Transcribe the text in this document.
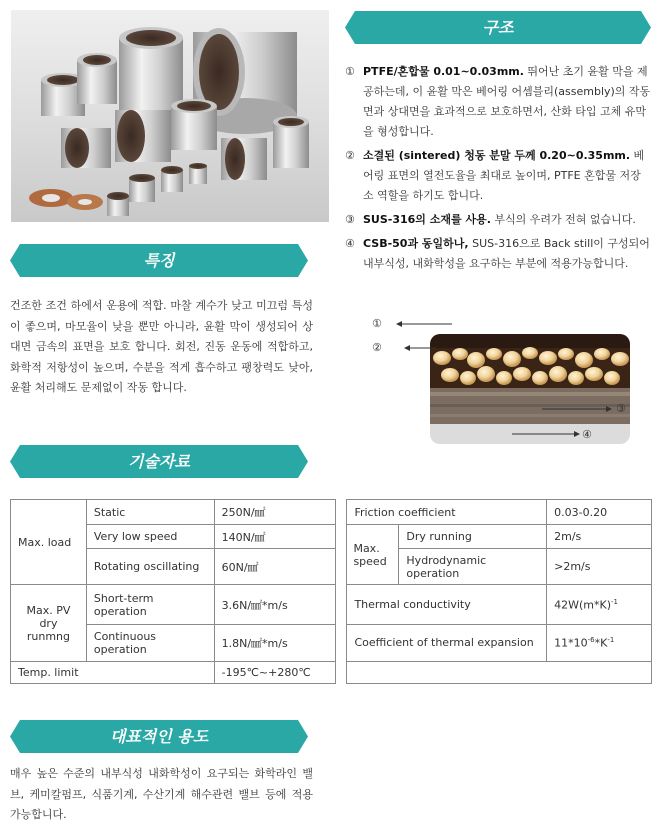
구조
① PTFE/혼합물 0.01~0.03mm. 뛰어난 초기 윤활 막을 제공하는데, 이 윤활 막은 베어링 어셈블리(assembly)의 작동면과 상대면을 효과적으로 보호하면서, 산화 타입 고체 유막을 형성합니다.
② 소결된 (sintered) 청동 분말 두께 0.20~0.35mm. 베어링 표면의 열전도율을 최대로 높이며, PTFE 혼합물 저장소 역할을 하기도 합니다.
③ SUS-316의 소재를 사용. 부식의 우려가 전혀 없습니다.
④ CSB-50과 동일하나, SUS-316으로 Back still이 구성되어 내부식성, 내화학성을 요구하는 부분에 적용가능합니다.
특징
건조한 조건 하에서 운용에 적합. 마찰 계수가 낮고 미끄럼 특성이 좋으며, 마모율이 낮을 뿐만 아니라, 윤활 막이 생성되어 상대면 금속의 표면을 보호 합니다. 회전, 진동 운동에 적합하고, 화학적 저항성이 높으며, 수분을 적게 흡수하고 팽창력도 낮아, 윤활 처리해도 문제없이 작동 합니다.
①
②
③
④
기술자료
Max. load	Static	250N/㎟		Friction coefficient		0.03-0.20
	Very low speed	140N/㎟		Max. speed	Dry running	2m/s
	Rotating oscillating	60N/㎟			Hydrodynamic operation	>2m/s
Max. PV dry runmng	Short-term operation	3.6N/㎟*m/s		Thermal conductivity		$42W(m*K)^{-1}$
	Continuous operation	1.8N/㎟*m/s		Coefficient of thermal expansion		$11*10^{-6}*K^{-1}$
Temp. limit		-195℃~+280℃				
대표적인 용도
매우 높은 수준의 내부식성 내화학성이 요구되는 화학라인 밸브, 케미칼펌프, 식품기계, 수산기계 해수관련 밸브 등에 적용 가능합니다.
